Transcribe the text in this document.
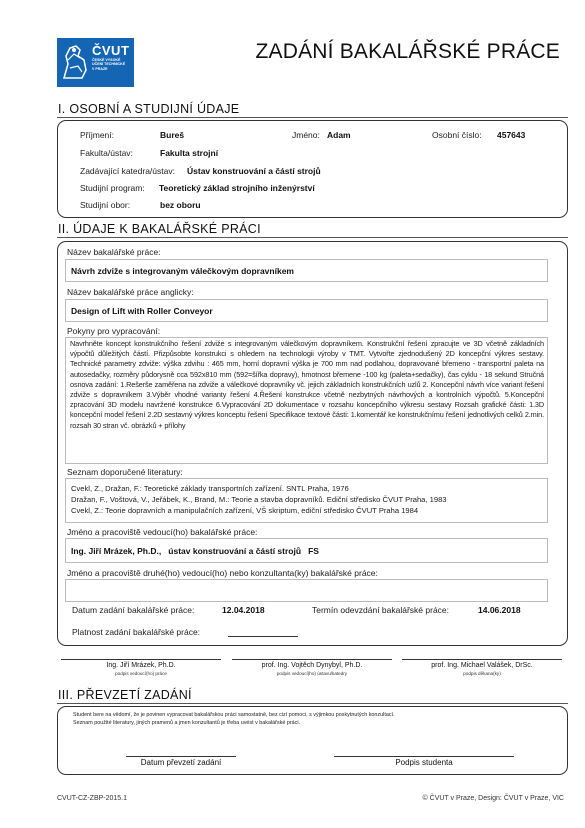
ČVUT
ČESKÉ VYSOKÉ
UČENÍ TECHNICKÉ
V PRAZE
ZADÁNÍ BAKALÁŘSKÉ PRÁCE
I. OSOBNÍ A STUDIJNÍ ÚDAJE
Příjmení:	Bureš	Jméno: Adam	Osobní číslo: 457643
Fakulta/ústav:	Fakulta strojní
Zadávající katedra/ústav: Ústav konstruování a částí strojů
Studijní program: Teoretický základ strojního inženýrství
Studijní obor:	bez oboru
II. ÚDAJE K BAKALÁŘSKÉ PRÁCI
Název bakalářské práce:
Návrh zdviže s integrovaným válečkovým dopravníkem
Název bakalářské práce anglicky:
Design of Lift with Roller Conveyor
Pokyny pro vypracování:
Navrhněte koncept konstrukčního řešení zdviže s integrovaným válečkovým dopravníkem. Konstrukční řešení zpracujte ve 3D včetně základních výpočtů důležitých částí. Přizpůsobte konstrukci s ohledem na technologii výroby v TMT. Vytvořte zjednodušený 2D koncepční výkres sestavy. Technické parametry zdviže: výška zdvihu : 465 mm, horní dopravní výška je 700 mm nad podlahou, dopravované břemeno - transportní paleta na autosedačky, rozměry půdorysně cca 592x810 mm (592=šířka dopravy), hmotnost břemene -100 kg (paleta+sedačky), čas cyklu - 18 sekund Stručná osnova zadání: 1.Rešerše zaměřena na zdviže a válečkové dopravníky vč. jejich základních konstrukčních uzlů 2. Koncepční návrh více variant řešení zdviže s dopravníkem 3.Výběr vhodné varianty řešení 4.Řešení konstrukce včetně nezbytných návrhových a kontrolních výpočtů. 5.Koncepční zpracování 3D modelu navržené konstrukce 6.Vypracování 2D dokumentace v rozsahu koncepčního výkresu sestavy Rozsah grafické části: 1.3D koncepční model řešení 2.2D sestavný výkres konceptu řešení Specifikace textové části: 1.komentář ke konstrukčnímu řešení jednotlivých celků 2.min. rozsah 30 stran vč. obrázků + přílohy
Seznam doporučené literatury:
Cvekl, Z., Dražan, F.: Teoretické základy transportních zařízení. SNTL Praha, 1976
Dražan, F., Voštová, V., Jeřábek, K., Brand, M.: Teorie a stavba dopravníků. Ediční středisko ČVUT Praha, 1983
Cvekl, Z.: Teorie dopravních a manipulačních zařízení, VŠ skriptum, ediční středisko ČVUT Praha 1984
Jméno a pracoviště vedoucí(ho) bakalářské práce:
Ing. Jiří Mrázek, Ph.D.,   ústav konstruování a částí strojů   FS
Jméno a pracoviště druhé(ho) vedoucí(ho) nebo konzultanta(ky) bakalářské práce:
Datum zadání bakalářské práce:	12.04.2018	Termín odevzdání bakalářské práce:	14.06.2018
Platnost zadání bakalářské práce:
Ing. Jiří Mrázek, Ph.D.
podpis vedoucí(ho) práce
prof. Ing. Vojtěch Dynybyl, Ph.D.
podpis vedoucí(ho) ústavu/katedry
prof. Ing. Michael Valášek, DrSc.
podpis děkana(ky)
III. PŘEVZETÍ ZADÁNÍ
Student bere na vědomí, že je povinen vypracovat bakalářskou práci samostatně, bez cizí pomoci, s výjimkou poskytnutých konzultací.
Seznam použité literatury, jiných pramenů a jmen konzultantů je třeba uvést v bakalářské práci.
Datum převzetí zadání	Podpis studenta
CVUT-CZ-ZBP-2015.1	© ČVUT v Praze, Design: ČVUT v Praze, VIC
